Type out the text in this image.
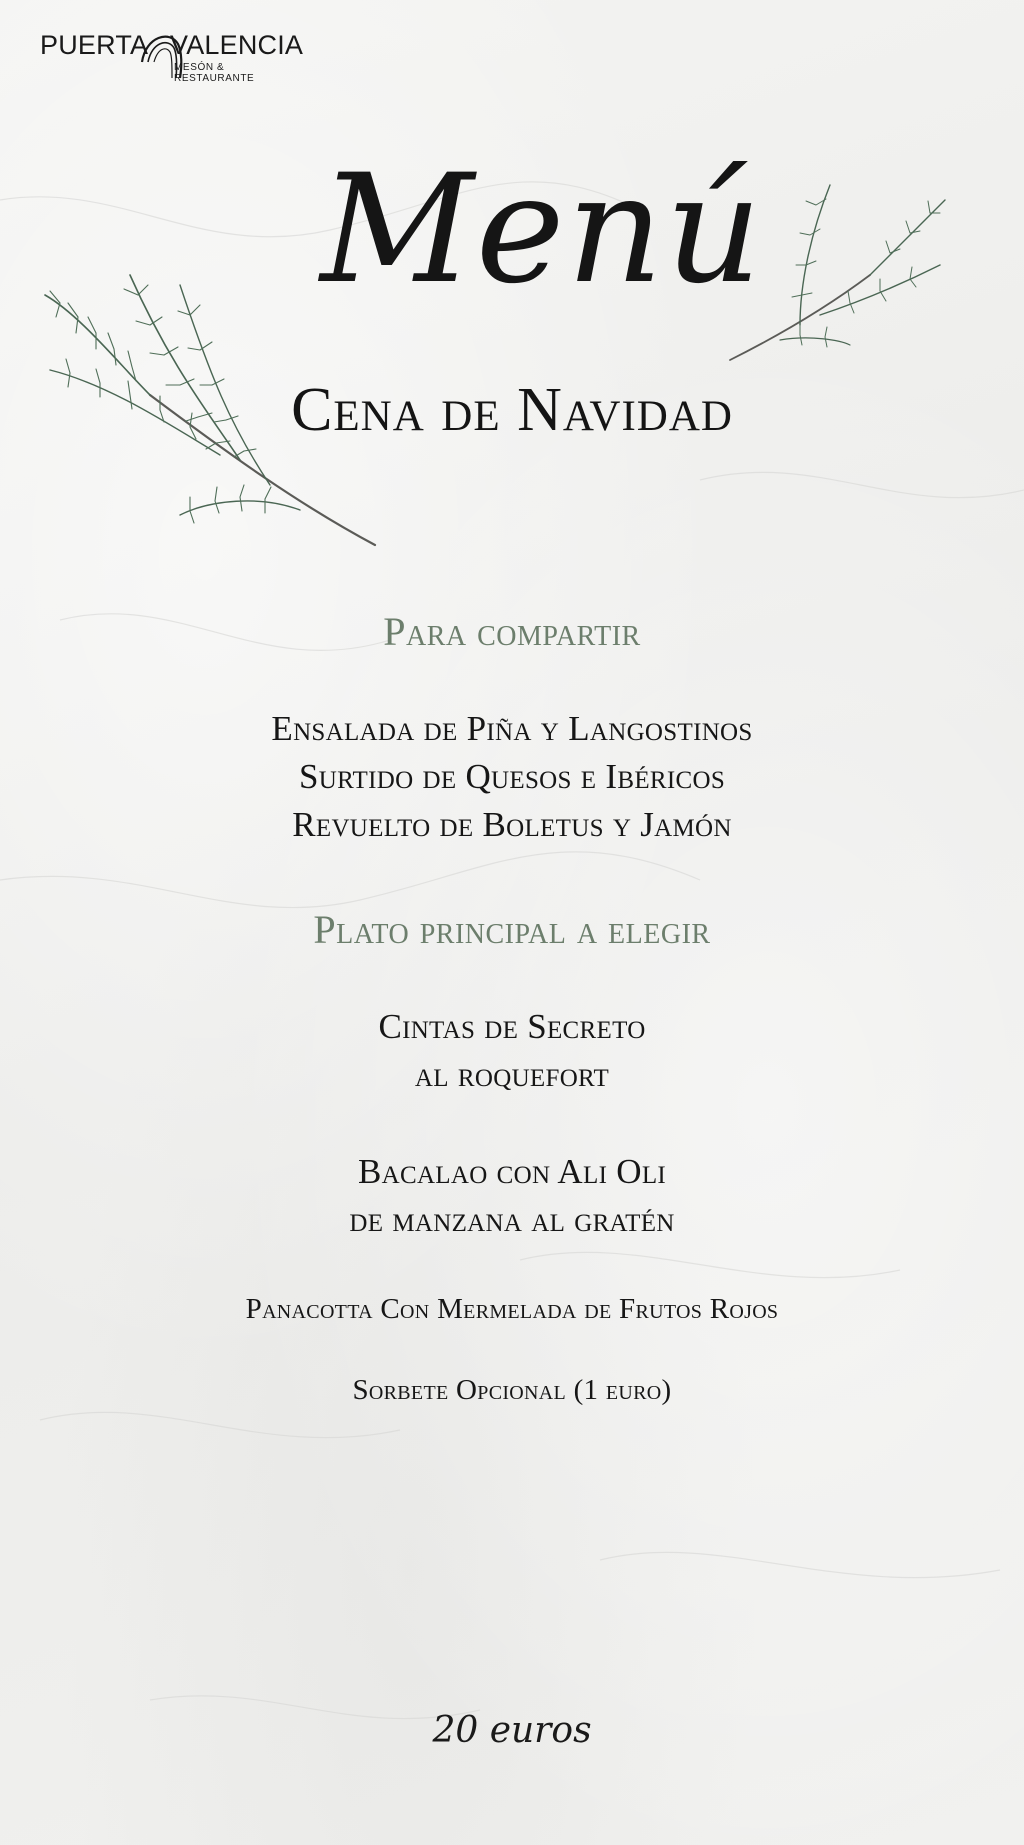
PUERTA VALENCIA
MESÓN & RESTAURANTE
Menú
Cena de Navidad
Para compartir
Ensalada de Piña y Langostinos
Surtido de Quesos e Ibéricos
Revuelto de Boletus y Jamón
Plato principal a elegir
Cintas de Secreto
al roquefort
Bacalao con Ali Oli
de manzana al gratén
Panacotta Con Mermelada de Frutos Rojos
Sorbete Opcional (1 euro)
20 euros
